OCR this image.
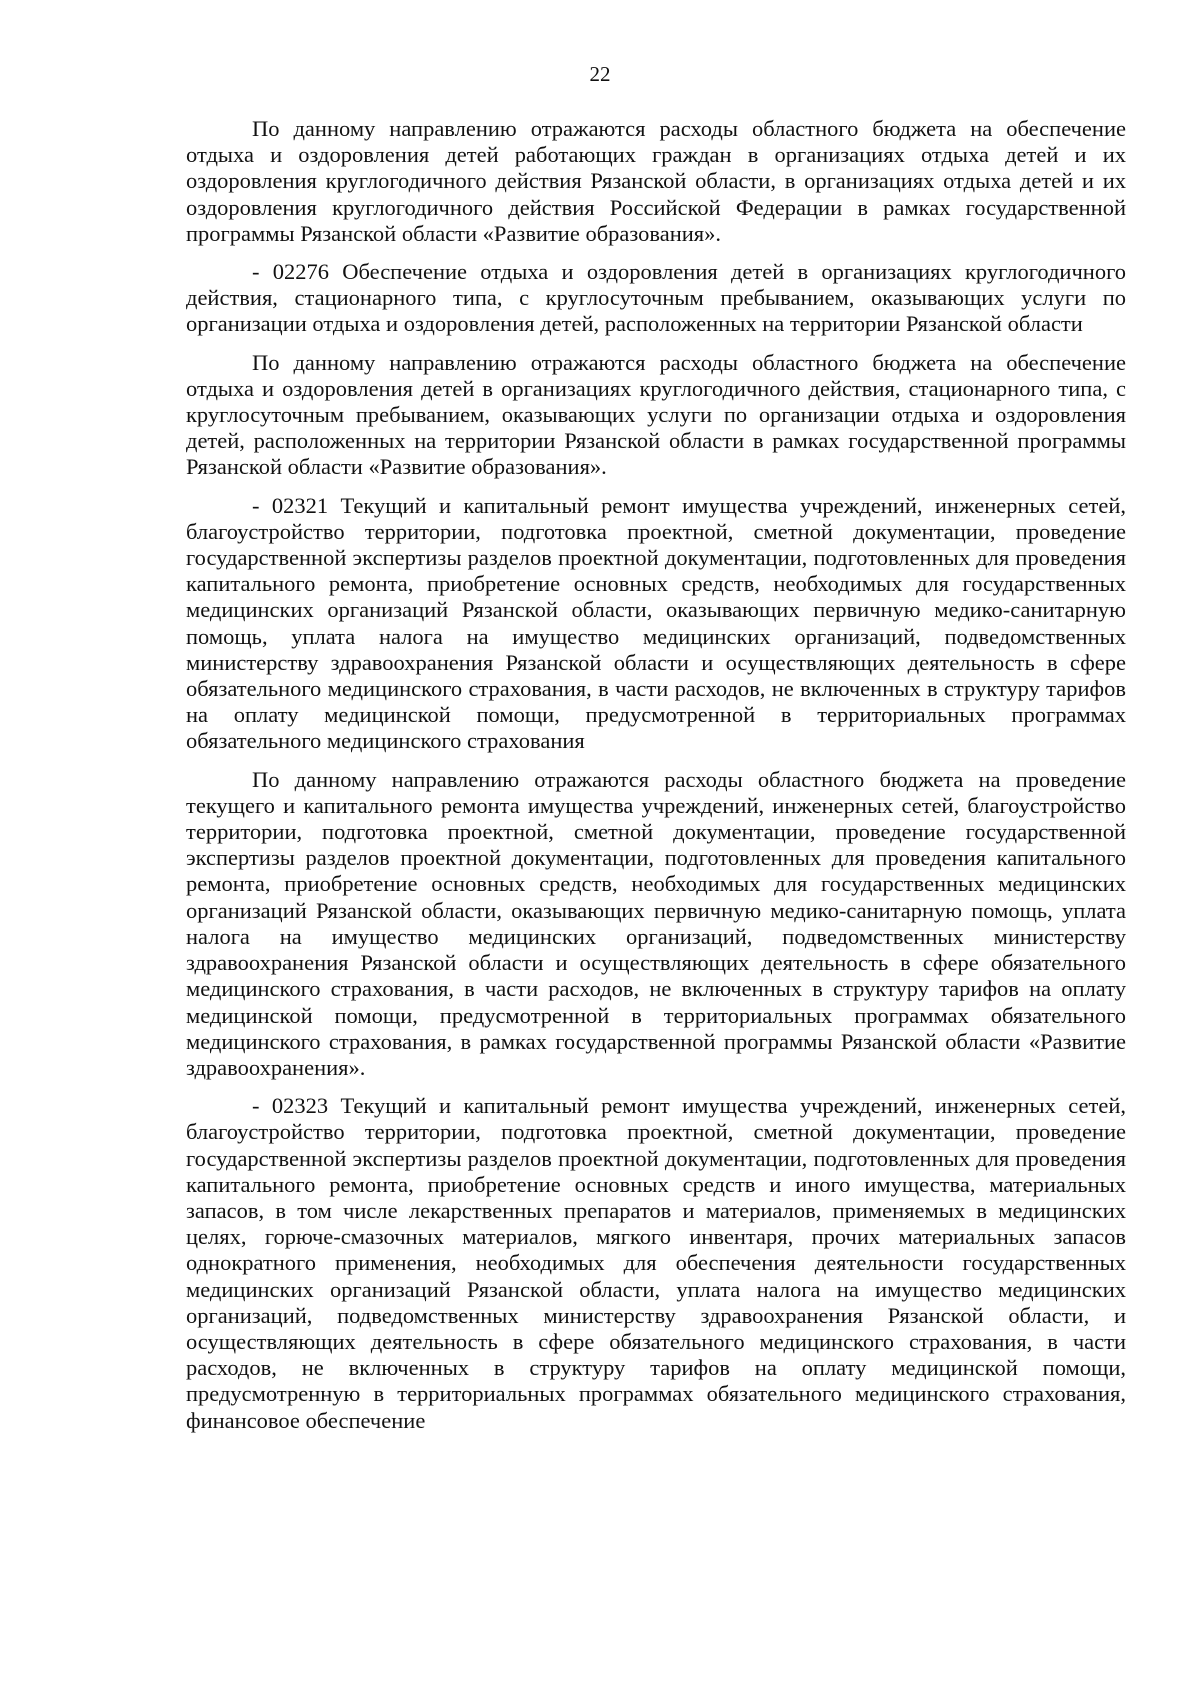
22

По данному направлению отражаются расходы областного бюджета на обеспечение отдыха и оздоровления детей работающих граждан в организациях отдыха детей и их оздоровления круглогодичного действия Рязанской области, в организациях отдыха детей и их оздоровления круглогодичного действия Российской Федерации в рамках государственной программы Рязанской области «Развитие образования».

- 02276 Обеспечение отдыха и оздоровления детей в организациях круглогодичного действия, стационарного типа, с круглосуточным пребыванием, оказывающих услуги по организации отдыха и оздоровления детей, расположенных на территории Рязанской области

По данному направлению отражаются расходы областного бюджета на обеспечение отдыха и оздоровления детей в организациях круглогодичного действия, стационарного типа, с круглосуточным пребыванием, оказывающих услуги по организации отдыха и оздоровления детей, расположенных на территории Рязанской области в рамках государственной программы Рязанской области «Развитие образования».

- 02321 Текущий и капитальный ремонт имущества учреждений, инженерных сетей, благоустройство территории, подготовка проектной, сметной документации, проведение государственной экспертизы разделов проектной документации, подготовленных для проведения капитального ремонта, приобретение основных средств, необходимых для государственных медицинских организаций Рязанской области, оказывающих первичную медико-санитарную помощь, уплата налога на имущество медицинских организаций, подведомственных министерству здравоохранения Рязанской области и осуществляющих деятельность в сфере обязательного медицинского страхования, в части расходов, не включенных в структуру тарифов на оплату медицинской помощи, предусмотренной в территориальных программах обязательного медицинского страхования

По данному направлению отражаются расходы областного бюджета на проведение текущего и капитального ремонта имущества учреждений, инженерных сетей, благоустройство территории, подготовка проектной, сметной документации, проведение государственной экспертизы разделов проектной документации, подготовленных для проведения капитального ремонта, приобретение основных средств, необходимых для государственных медицинских организаций Рязанской области, оказывающих первичную медико-санитарную помощь, уплата налога на имущество медицинских организаций, подведомственных министерству здравоохранения Рязанской области и осуществляющих деятельность в сфере обязательного медицинского страхования, в части расходов, не включенных в структуру тарифов на оплату медицинской помощи, предусмотренной в территориальных программах обязательного медицинского страхования, в рамках государственной программы Рязанской области «Развитие здравоохранения».

- 02323 Текущий и капитальный ремонт имущества учреждений, инженерных сетей, благоустройство территории, подготовка проектной, сметной документации, проведение государственной экспертизы разделов проектной документации, подготовленных для проведения капитального ремонта, приобретение основных средств и иного имущества, материальных запасов, в том числе лекарственных препаратов и материалов, применяемых в медицинских целях, горюче-смазочных материалов, мягкого инвентаря, прочих материальных запасов однократного применения, необходимых для обеспечения деятельности государственных медицинских организаций Рязанской области, уплата налога на имущество медицинских организаций, подведомственных министерству здравоохранения Рязанской области, и осуществляющих деятельность в сфере обязательного медицинского страхования, в части расходов, не включенных в структуру тарифов на оплату медицинской помощи, предусмотренную в территориальных программах обязательного медицинского страхования, финансовое обеспечение
